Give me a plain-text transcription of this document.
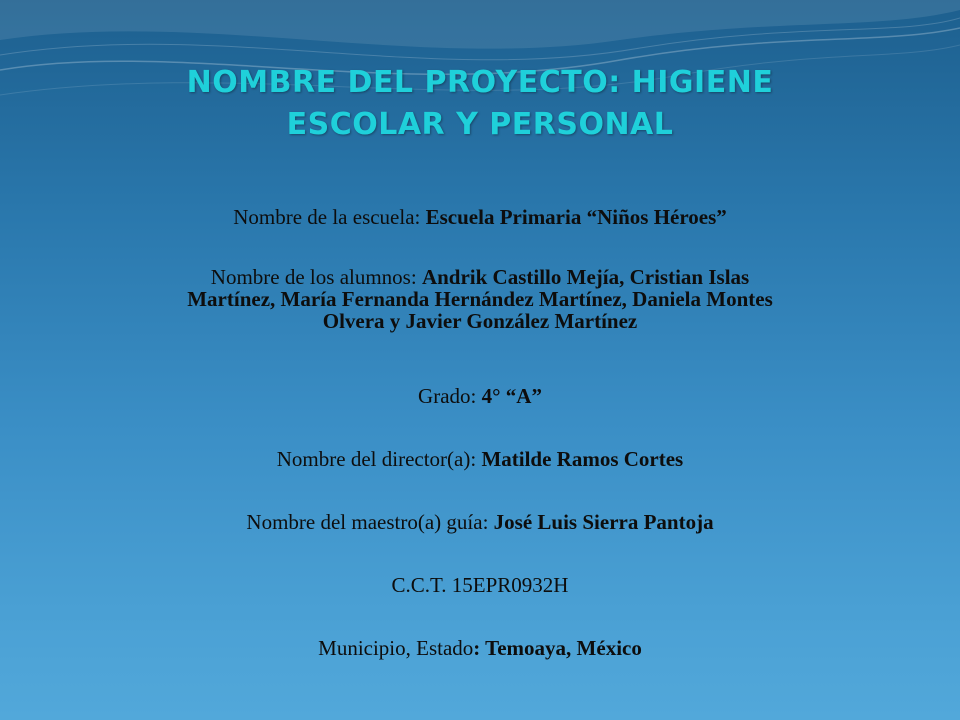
NOMBRE DEL PROYECTO: HIGIENE
ESCOLAR Y PERSONAL

Nombre de la escuela: Escuela Primaria “Niños Héroes”

Nombre de los alumnos: Andrik Castillo Mejía, Cristian Islas
Martínez, María Fernanda Hernández Martínez, Daniela Montes
Olvera y Javier González Martínez

Grado: 4° “A”

Nombre del director(a): Matilde Ramos Cortes

Nombre del maestro(a) guía: José Luis Sierra Pantoja

C.C.T. 15EPR0932H

Municipio, Estado: Temoaya, México
